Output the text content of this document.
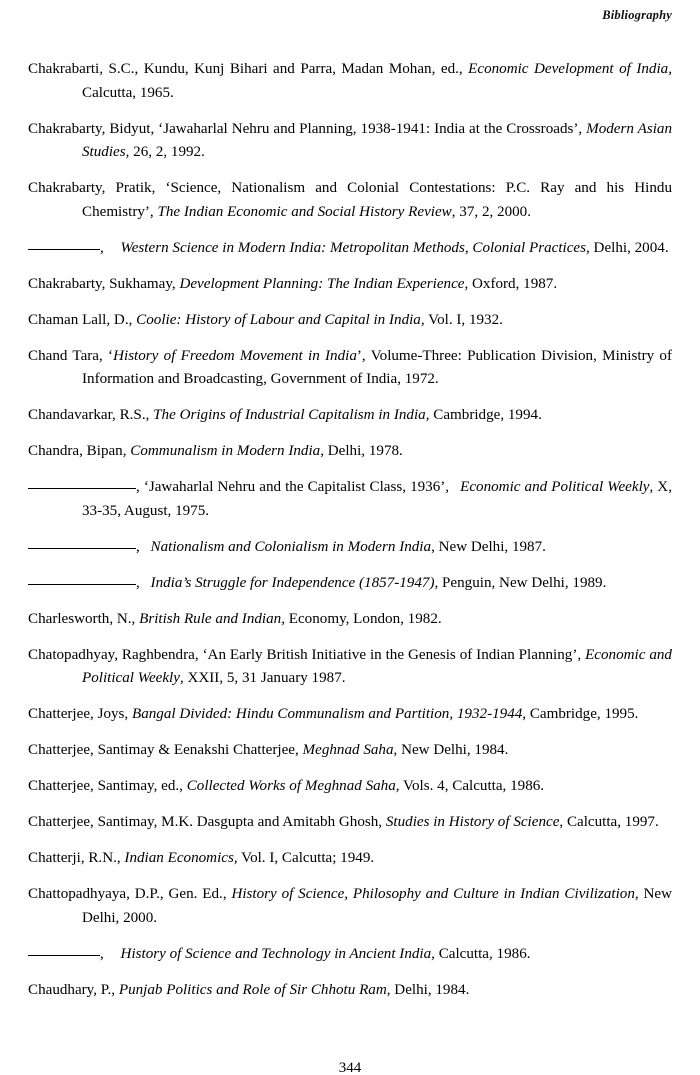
Bibliography

Chakrabarti, S.C., Kundu, Kunj Bihari and Parra, Madan Mohan, ed., Economic Development of India, Calcutta, 1965.

Chakrabarty, Bidyut, ‘Jawaharlal Nehru and Planning, 1938-1941: India at the Crossroads’, Modern Asian Studies, 26, 2, 1992.

Chakrabarty, Pratik, ‘Science, Nationalism and Colonial Contestations: P.C. Ray and his Hindu Chemistry’, The Indian Economic and Social History Review, 37, 2, 2000.

, Western Science in Modern India: Metropolitan Methods, Colonial Practices, Delhi, 2004.

Chakrabarty, Sukhamay, Development Planning: The Indian Experience, Oxford, 1987.

Chaman Lall, D., Coolie: History of Labour and Capital in India, Vol. I, 1932.

Chand Tara, ‘History of Freedom Movement in India’, Volume-Three: Publication Division, Ministry of Information and Broadcasting, Government of India, 1972.

Chandavarkar, R.S., The Origins of Industrial Capitalism in India, Cambridge, 1994.

Chandra, Bipan, Communalism in Modern India, Delhi, 1978.

, ‘Jawaharlal Nehru and the Capitalist Class, 1936’, Economic and Political Weekly, X, 33-35, August, 1975.

, Nationalism and Colonialism in Modern India, New Delhi, 1987.

, India’s Struggle for Independence (1857-1947), Penguin, New Delhi, 1989.

Charlesworth, N., British Rule and Indian, Economy, London, 1982.

Chatopadhyay, Raghbendra, ‘An Early British Initiative in the Genesis of Indian Planning’, Economic and Political Weekly, XXII, 5, 31 January 1987.

Chatterjee, Joys, Bangal Divided: Hindu Communalism and Partition, 1932-1944, Cambridge, 1995.

Chatterjee, Santimay & Eenakshi Chatterjee, Meghnad Saha, New Delhi, 1984.

Chatterjee, Santimay, ed., Collected Works of Meghnad Saha, Vols. 4, Calcutta, 1986.

Chatterjee, Santimay, M.K. Dasgupta and Amitabh Ghosh, Studies in History of Science, Calcutta, 1997.

Chatterji, R.N., Indian Economics, Vol. I, Calcutta; 1949.

Chattopadhyaya, D.P., Gen. Ed., History of Science, Philosophy and Culture in Indian Civilization, New Delhi, 2000.

, History of Science and Technology in Ancient India, Calcutta, 1986.

Chaudhary, P., Punjab Politics and Role of Sir Chhotu Ram, Delhi, 1984.

344
